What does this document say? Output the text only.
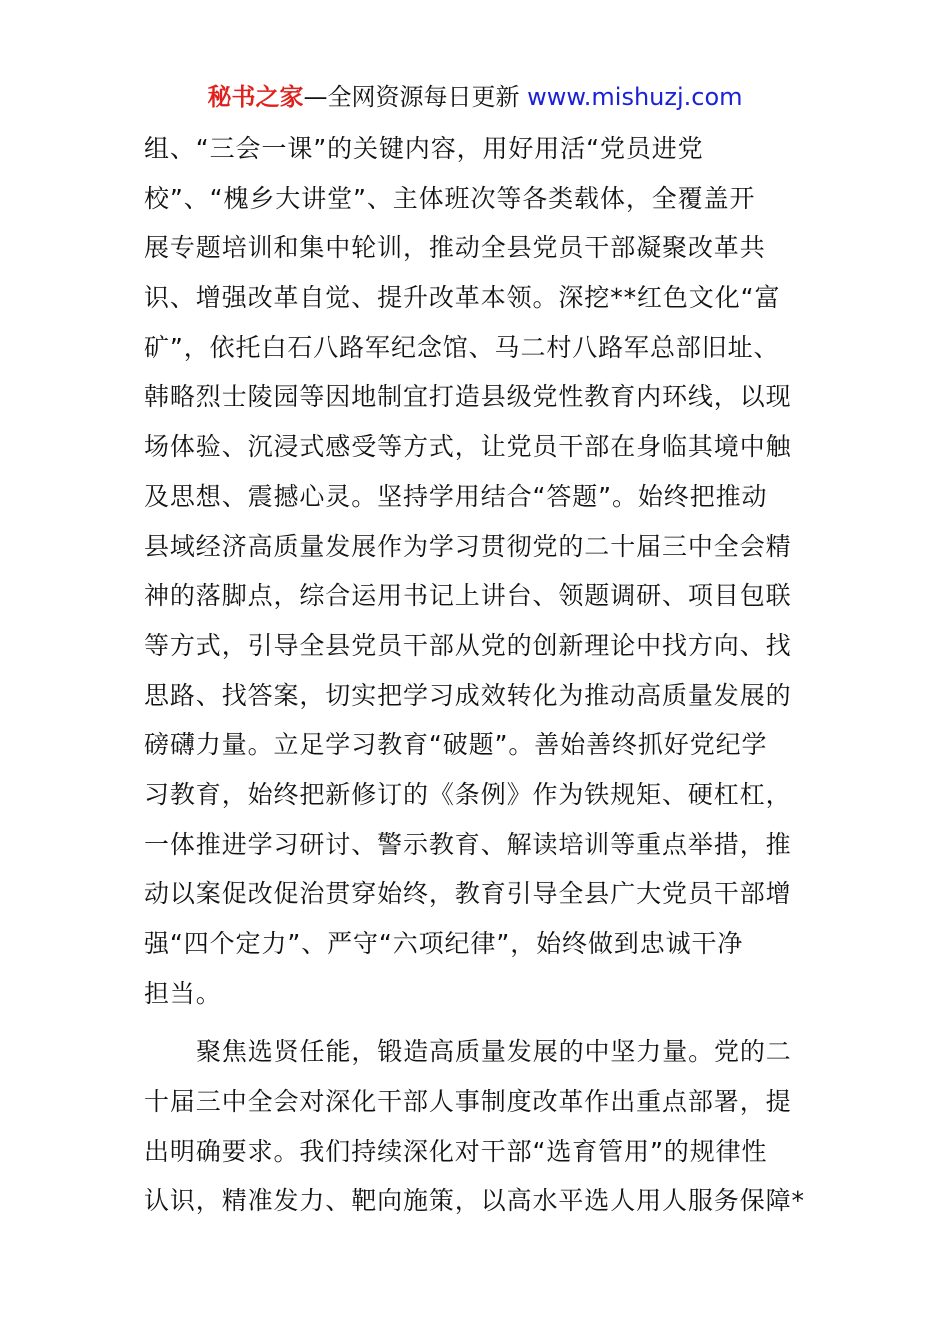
秘书之家—全网资源每日更新 www.mishuzj.com
组、“三会一课”的关键内容，用好用活“党员进党
校”、“槐乡大讲堂”、主体班次等各类载体，全覆盖开
展专题培训和集中轮训，推动全县党员干部凝聚改革共
识、增强改革自觉、提升改革本领。深挖**红色文化“富
矿”，依托白石八路军纪念馆、马二村八路军总部旧址、
韩略烈士陵园等因地制宜打造县级党性教育内环线，以现
场体验、沉浸式感受等方式，让党员干部在身临其境中触
及思想、震撼心灵。坚持学用结合“答题”。始终把推动
县域经济高质量发展作为学习贯彻党的二十届三中全会精
神的落脚点，综合运用书记上讲台、领题调研、项目包联
等方式，引导全县党员干部从党的创新理论中找方向、找
思路、找答案，切实把学习成效转化为推动高质量发展的
磅礴力量。立足学习教育“破题”。善始善终抓好党纪学
习教育，始终把新修订的《条例》作为铁规矩、硬杠杠，
一体推进学习研讨、警示教育、解读培训等重点举措，推
动以案促改促治贯穿始终，教育引导全县广大党员干部增
强“四个定力”、严守“六项纪律”，始终做到忠诚干净
担当。
聚焦选贤任能，锻造高质量发展的中坚力量。党的二
十届三中全会对深化干部人事制度改革作出重点部署，提
出明确要求。我们持续深化对干部“选育管用”的规律性
认识，精准发力、靶向施策，以高水平选人用人服务保障*
